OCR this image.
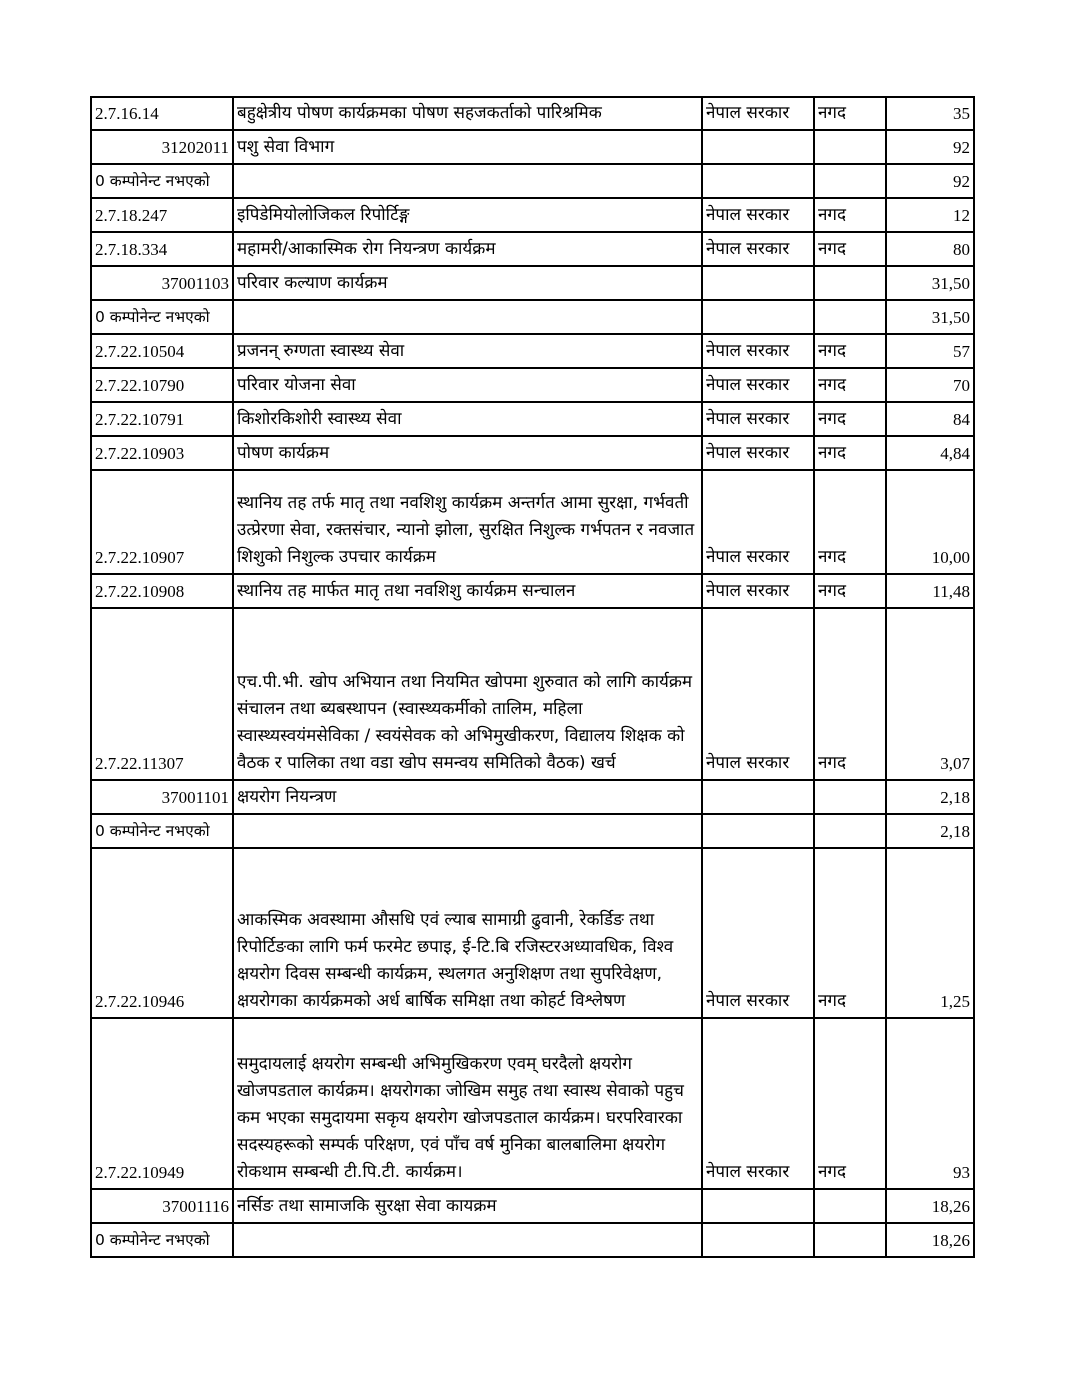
2.7.16.14	बहुक्षेत्रीय पोषण कार्यक्रमका पोषण सहजकर्ताको पारिश्रमिक	नेपाल सरकार	नगद	35
31202011	पशु सेवा विभाग			92
0 कम्पोनेन्ट नभएको				92
2.7.18.247	इपिडेमियोलोजिकल रिपोर्टिङ्ग	नेपाल सरकार	नगद	12
2.7.18.334	महामरी/आकास्मिक रोग नियन्त्रण कार्यक्रम	नेपाल सरकार	नगद	80
37001103	परिवार कल्याण कार्यक्रम			31,50
0 कम्पोनेन्ट नभएको				31,50
2.7.22.10504	प्रजनन् रुग्णता स्वास्थ्य सेवा	नेपाल सरकार	नगद	57
2.7.22.10790	परिवार योजना सेवा	नेपाल सरकार	नगद	70
2.7.22.10791	किशोरकिशोरी स्वास्थ्य सेवा	नेपाल सरकार	नगद	84
2.7.22.10903	पोषण कार्यक्रम	नेपाल सरकार	नगद	4,84
2.7.22.10907	स्थानिय तह तर्फ मातृ तथा नवशिशु कार्यक्रम अन्तर्गत आमा सुरक्षा, गर्भवती उत्प्रेरणा सेवा, रक्तसंचार, न्यानो झोला, सुरक्षित निशुल्क गर्भपतन र नवजात शिशुको निशुल्क उपचार कार्यक्रम	नेपाल सरकार	नगद	10,00
2.7.22.10908	स्थानिय तह मार्फत मातृ तथा नवशिशु कार्यक्रम सन्चालन	नेपाल सरकार	नगद	11,48
2.7.22.11307	एच.पी.भी. खोप अभियान तथा नियमित खोपमा शुरुवात को लागि कार्यक्रम संचालन तथा ब्यबस्थापन (स्वास्थ्यकर्मीको तालिम, महिला स्वास्थ्यस्वयंमसेविका / स्वयंसेवक को अभिमुखीकरण, विद्यालय शिक्षक को वैठक र पालिका तथा वडा खोप समन्वय समितिको वैठक) खर्च	नेपाल सरकार	नगद	3,07
37001101	क्षयरोग नियन्त्रण			2,18
0 कम्पोनेन्ट नभएको				2,18
2.7.22.10946	आकस्मिक अवस्थामा औसधि एवं ल्याब सामाग्री ढुवानी, रेकर्डिङ तथा रिपोर्टिङका लागि फर्म फरमेट छपाइ, ई-टि.बि रजिस्टरअध्यावधिक, विश्व क्षयरोग दिवस सम्बन्धी कार्यक्रम, स्थलगत अनुशिक्षण तथा सुपरिवेक्षण, क्षयरोगका कार्यक्रमको अर्ध बार्षिक समिक्षा तथा कोहर्ट विश्लेषण	नेपाल सरकार	नगद	1,25
2.7.22.10949	समुदायलाई क्षयरोग सम्बन्धी अभिमुखिकरण एवम् घरदैलो क्षयरोग खोजपडताल कार्यक्रम। क्षयरोगका जोखिम समुह तथा स्वास्थ सेवाको पहुच कम भएका समुदायमा सकृय क्षयरोग खोजपडताल कार्यक्रम। घरपरिवारका सदस्यहरूको सम्पर्क परिक्षण, एवं पाँच वर्ष मुनिका बालबालिमा क्षयरोग रोकथाम सम्बन्धी टी.पि.टी. कार्यक्रम।	नेपाल सरकार	नगद	93
37001116	नर्सिङ तथा सामाजकि सुरक्षा सेवा कायक्रम			18,26
0 कम्पोनेन्ट नभएको				18,26
